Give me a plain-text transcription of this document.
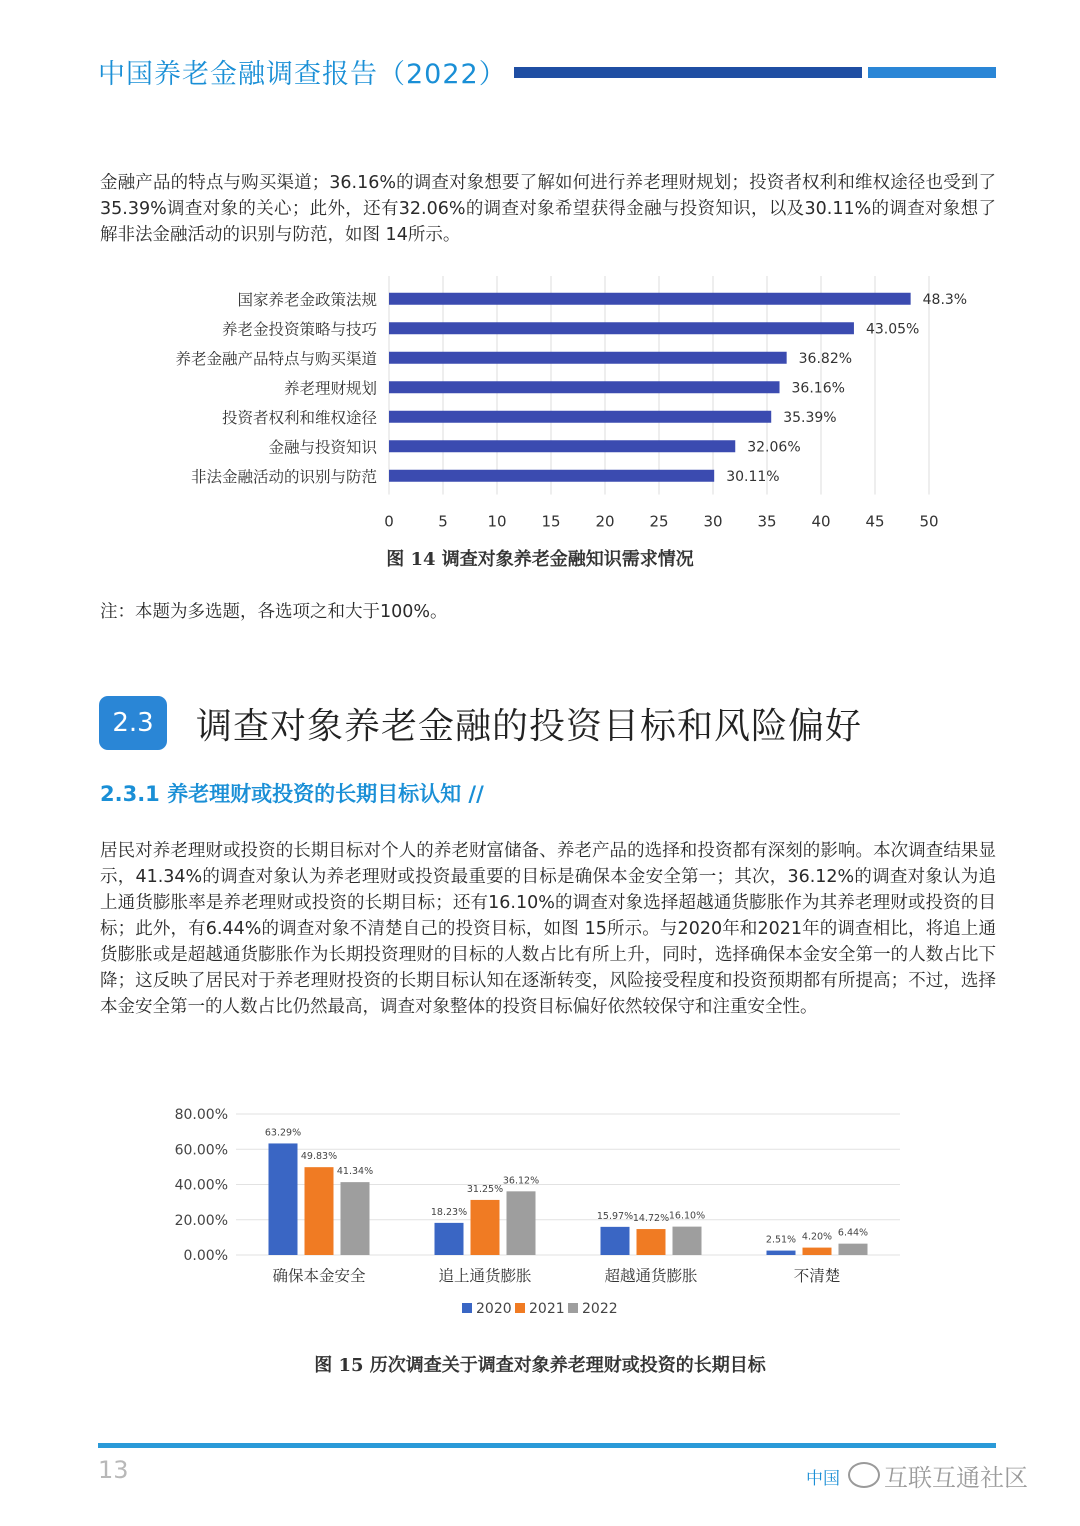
中国养老金融调查报告（2022）

金融产品的特点与购买渠道；36.16%的调查对象想要了解如何进行养老理财规划；投资者权利和维权途径也受到了35.39%调查对象的关心；此外，还有32.06%的调查对象希望获得金融与投资知识，以及30.11%的调查对象想了解非法金融活动的识别与防范，如图 14所示。

国家养老金政策法规
养老金投资策略与技巧
养老金融产品特点与购买渠道
养老理财规划
投资者权利和维权途径
金融与投资知识
非法金融活动的识别与防范
48.3%
43.05%
36.82%
36.16%
35.39%
32.06%
30.11%
0	5	10 15 20 25 30 35 40 45 50
图 14 调查对象养老金融知识需求情况
注：本题为多选题，各选项之和大于100%。
2.3	调查对象养老金融的投资目标和风险偏好
2.3.1 养老理财或投资的长期目标认知 //

居民对养老理财或投资的长期目标对个人的养老财富储备、养老产品的选择和投资都有深刻的影响。本次调查结果显示，41.34%的调查对象认为养老理财或投资最重要的目标是确保本金安全第一；其次，36.12%的调查对象认为追上通货膨胀率是养老理财或投资的长期目标；还有16.10%的调查对象选择超越通货膨胀作为其养老理财或投资的目标；此外，有6.44%的调查对象不清楚自己的投资目标，如图 15所示。与2020年和2021年的调查相比，将追上通货膨胀或是超越通货膨胀作为长期投资理财的目标的人数占比有所上升，同时，选择确保本金安全第一的人数占比下降；这反映了居民对于养老理财投资的长期目标认知在逐渐转变，风险接受程度和投资预期都有所提高；不过，选择本金安全第一的人数占比仍然最高，调查对象整体的投资目标偏好依然较保守和注重安全性。

0.00%
20.00%
40.00%
60.00%
80.00%
63.29%
49.83%
41.34%
18.23%
31.25%
36.12%
15.97% 14.72% 16.10%
2.51% 4.20% 6.44%
确保本金安全	追上通货膨胀	超越通货膨胀	不清楚
2020 2021 2022
图 15 历次调查关于调查对象养老理财或投资的长期目标
13	中国 互联互通社区
